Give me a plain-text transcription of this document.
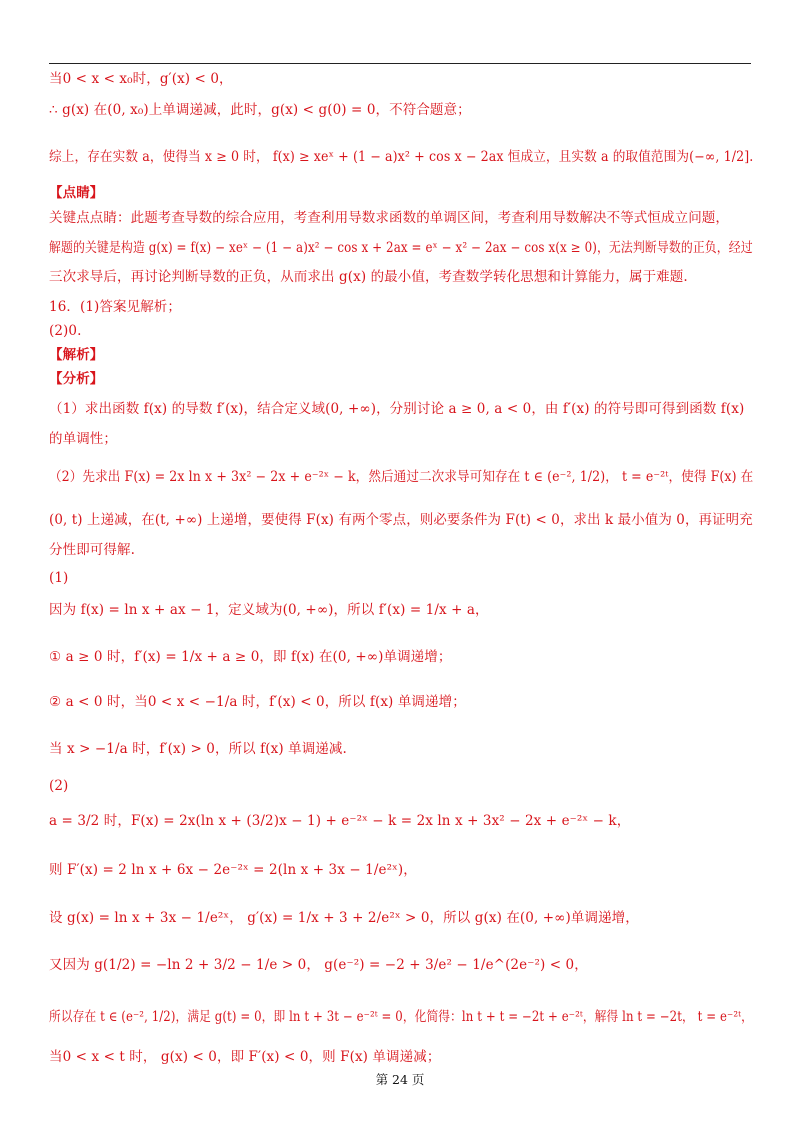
当0 < x < x₀时，g′(x) < 0，
∴ g(x) 在(0, x₀)上单调递减，此时，g(x) < g(0) = 0，不符合题意；
综上，存在实数 a，使得当 x ≥ 0 时， f(x) ≥ xeˣ + (1 − a)x² + cos x − 2ax 恒成立，且实数 a 的取值范围为(−∞, 1/2].
【点睛】
关键点点睛：此题考查导数的综合应用，考查利用导数求函数的单调区间，考查利用导数解决不等式恒成立问题，
解题的关键是构造 g(x) = f(x) − xeˣ − (1 − a)x² − cos x + 2ax = eˣ − x² − 2ax − cos x(x ≥ 0)，无法判断导数的正负，经过
三次求导后，再讨论判断导数的正负，从而求出 g(x) 的最小值，考查数学转化思想和计算能力，属于难题.
16．(1)答案见解析；
(2)0.
【解析】
【分析】
（1）求出函数 f(x) 的导数 f′(x)，结合定义域(0, +∞)，分别讨论 a ≥ 0, a < 0，由 f′(x) 的符号即可得到函数 f(x)
的单调性；
（2）先求出 F(x) = 2x ln x + 3x² − 2x + e⁻²ˣ − k，然后通过二次求导可知存在 t ∈ (e⁻², 1/2)， t = e⁻²ᵗ，使得 F(x) 在
(0, t) 上递减，在(t, +∞) 上递增，要使得 F(x) 有两个零点，则必要条件为 F(t) < 0，求出 k 最小值为 0，再证明充
分性即可得解.
(1)
因为 f(x) = ln x + ax − 1，定义域为(0, +∞)，所以 f′(x) = 1/x + a，
① a ≥ 0 时，f′(x) = 1/x + a ≥ 0，即 f(x) 在(0, +∞)单调递增；
② a < 0 时，当0 < x < −1/a 时，f′(x) < 0，所以 f(x) 单调递增；
当 x > −1/a 时，f′(x) > 0，所以 f(x) 单调递减.
(2)
a = 3/2 时，F(x) = 2x(ln x + (3/2)x − 1) + e⁻²ˣ − k = 2x ln x + 3x² − 2x + e⁻²ˣ − k，
则 F′(x) = 2 ln x + 6x − 2e⁻²ˣ = 2(ln x + 3x − 1/e²ˣ)，
设 g(x) = ln x + 3x − 1/e²ˣ， g′(x) = 1/x + 3 + 2/e²ˣ > 0，所以 g(x) 在(0, +∞)单调递增，
又因为 g(1/2) = −ln 2 + 3/2 − 1/e > 0， g(e⁻²) = −2 + 3/e² − 1/e^(2e⁻²) < 0，
所以存在 t ∈ (e⁻², 1/2)，满足 g(t) = 0，即 ln t + 3t − e⁻²ᵗ = 0，化简得：ln t + t = −2t + e⁻²ᵗ，解得 ln t = −2t， t = e⁻²ᵗ，
当0 < x < t 时， g(x) < 0，即 F′(x) < 0，则 F(x) 单调递减；
第 24 页
